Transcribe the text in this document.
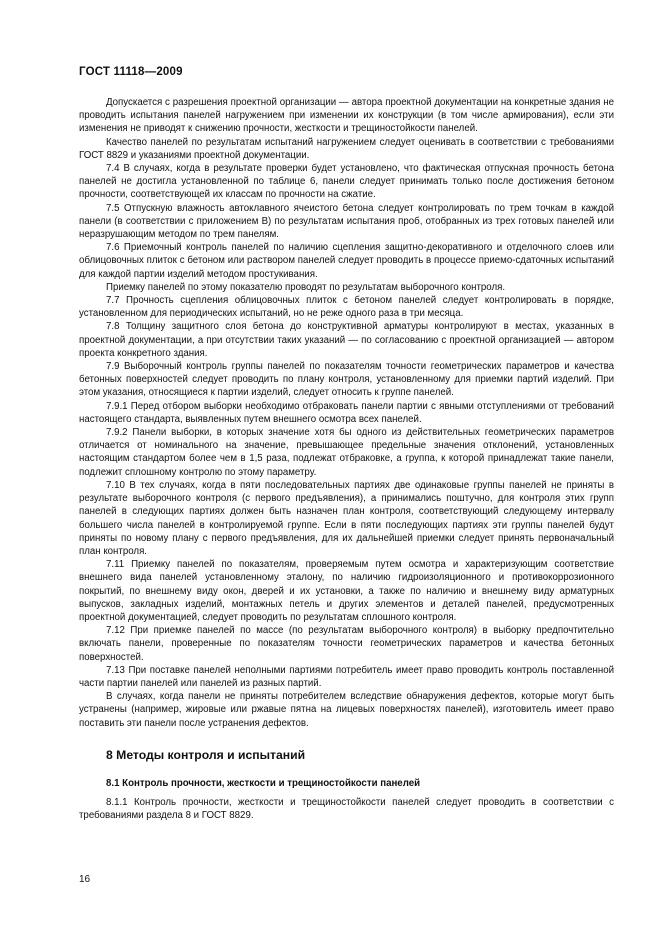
ГОСТ 11118—2009

Допускается с разрешения проектной организации — автора проектной документации на конкретные здания не проводить испытания панелей нагружением при изменении их конструкции (в том числе армирования), если эти изменения не приводят к снижению прочности, жесткости и трещиностойкости панелей.

Качество панелей по результатам испытаний нагружением следует оценивать в соответствии с требованиями ГОСТ 8829 и указаниями проектной документации.

7.4 В случаях, когда в результате проверки будет установлено, что фактическая отпускная прочность бетона панелей не достигла установленной по таблице 6, панели следует принимать только после достижения бетоном прочности, соответствующей их классам по прочности на сжатие.

7.5 Отпускную влажность автоклавного ячеистого бетона следует контролировать по трем точкам в каждой панели (в соответствии с приложением В) по результатам испытания проб, отобранных из трех готовых панелей или неразрушающим методом по трем панелям.

7.6 Приемочный контроль панелей по наличию сцепления защитно-декоративного и отделочного слоев или облицовочных плиток с бетоном или раствором панелей следует проводить в процессе приемо-сдаточных испытаний для каждой партии изделий методом простукивания.

Приемку панелей по этому показателю проводят по результатам выборочного контроля.

7.7 Прочность сцепления облицовочных плиток с бетоном панелей следует контролировать в порядке, установленном для периодических испытаний, но не реже одного раза в три месяца.

7.8 Толщину защитного слоя бетона до конструктивной арматуры контролируют в местах, указанных в проектной документации, а при отсутствии таких указаний — по согласованию с проектной организацией — автором проекта конкретного здания.

7.9 Выборочный контроль группы панелей по показателям точности геометрических параметров и качества бетонных поверхностей следует проводить по плану контроля, установленному для приемки партий изделий. При этом указания, относящиеся к партии изделий, следует относить к группе панелей.

7.9.1 Перед отбором выборки необходимо отбраковать панели партии с явными отступлениями от требований настоящего стандарта, выявленных путем внешнего осмотра всех панелей.

7.9.2 Панели выборки, в которых значение хотя бы одного из действительных геометрических параметров отличается от номинального на значение, превышающее предельные значения отклонений, установленных настоящим стандартом более чем в 1,5 раза, подлежат отбраковке, а группа, к которой принадлежат такие панели, подлежит сплошному контролю по этому параметру.

7.10 В тех случаях, когда в пяти последовательных партиях две одинаковые группы панелей не приняты в результате выборочного контроля (с первого предъявления), а принимались поштучно, для контроля этих групп панелей в следующих партиях должен быть назначен план контроля, соответствующий следующему интервалу большего числа панелей в контролируемой группе. Если в пяти последующих партиях эти группы панелей будут приняты по новому плану с первого предъявления, для их дальнейшей приемки следует принять первоначальный план контроля.

7.11 Приемку панелей по показателям, проверяемым путем осмотра и характеризующим соответствие внешнего вида панелей установленному эталону, по наличию гидроизоляционного и противокоррозионного покрытий, по внешнему виду окон, дверей и их установки, а также по наличию и внешнему виду арматурных выпусков, закладных изделий, монтажных петель и других элементов и деталей панелей, предусмотренных проектной документацией, следует проводить по результатам сплошного контроля.

7.12 При приемке панелей по массе (по результатам выборочного контроля) в выборку предпочтительно включать панели, проверенные по показателям точности геометрических параметров и качества бетонных поверхностей.

7.13 При поставке панелей неполными партиями потребитель имеет право проводить контроль поставленной части партии панелей или панелей из разных партий.

В случаях, когда панели не приняты потребителем вследствие обнаружения дефектов, которые могут быть устранены (например, жировые или ржавые пятна на лицевых поверхностях панелей), изготовитель имеет право поставить эти панели после устранения дефектов.

8 Методы контроля и испытаний
8.1 Контроль прочности, жесткости и трещиностойкости панелей

8.1.1 Контроль прочности, жесткости и трещиностойкости панелей следует проводить в соответствии с требованиями раздела 8 и ГОСТ 8829.

16
